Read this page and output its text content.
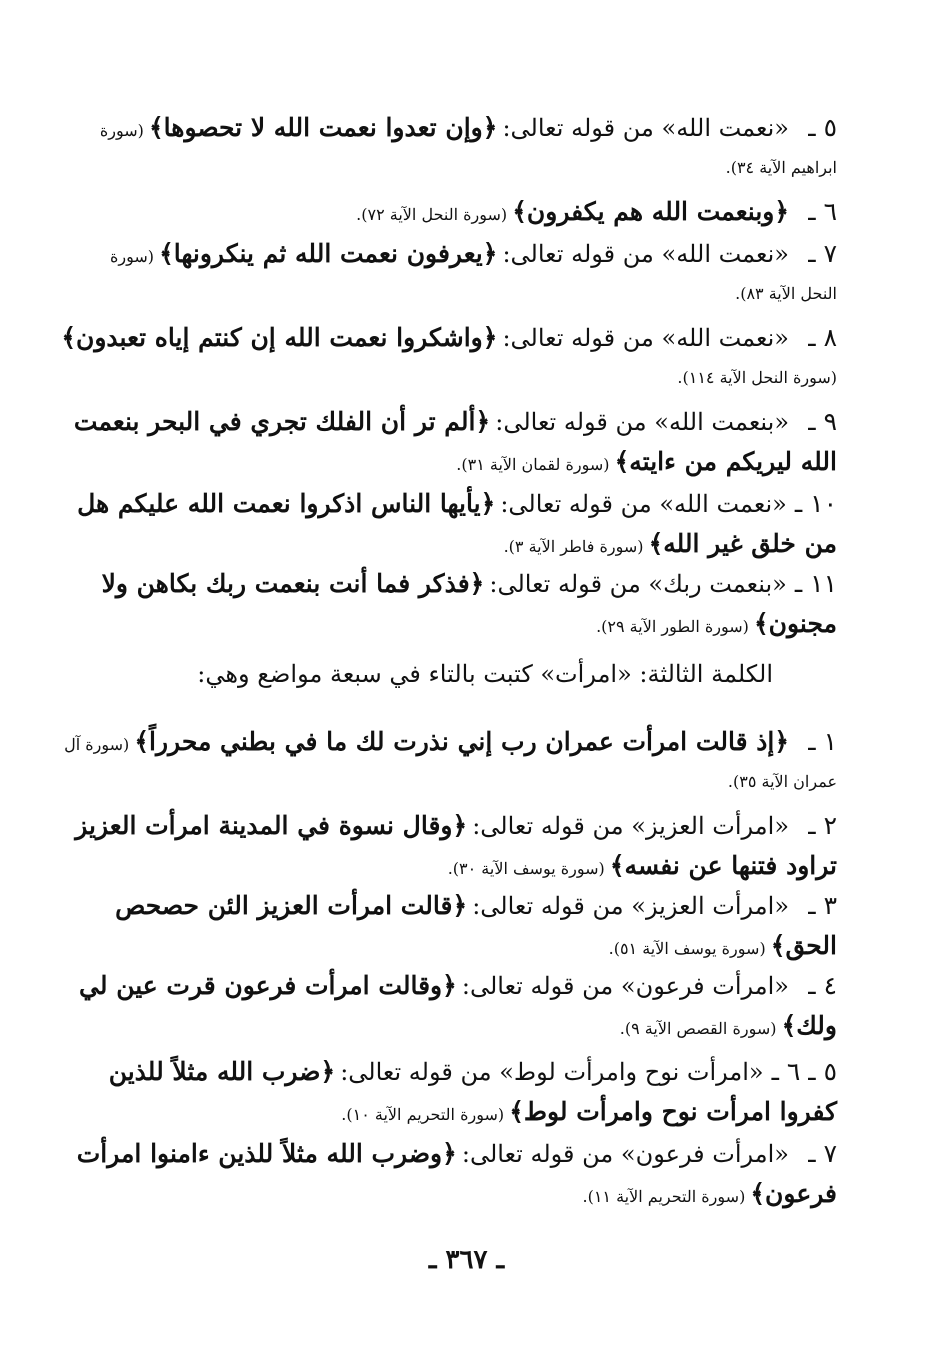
٥ ـ«نعمت الله» من قوله تعالى: ﴿وإن تعدوا نعمت الله لا تحصوها﴾ (سورة
ابراهيم الآية ٣٤).
٦ ـ﴿وبنعمت الله هم يكفرون﴾ (سورة النحل الآية ٧٢).
٧ ـ«نعمت الله» من قوله تعالى: ﴿يعرفون نعمت الله ثم ينكرونها﴾ (سورة
النحل الآية ٨٣).
٨ ـ«نعمت الله» من قوله تعالى: ﴿واشكروا نعمت الله إن كنتم إياه تعبدون﴾
(سورة النحل الآية ١١٤).
٩ ـ«بنعمت الله» من قوله تعالى: ﴿ألم تر أن الفلك تجري في البحر بنعمت
الله ليريكم من ءايته﴾ (سورة لقمان الآية ٣١).
١٠ ـ«نعمت الله» من قوله تعالى: ﴿يأيها الناس اذكروا نعمت الله عليكم هل
من خلق غير الله﴾ (سورة فاطر الآية ٣).
١١ ـ«بنعمت ربك» من قوله تعالى: ﴿فذكر فما أنت بنعمت ربك بكاهن ولا
مجنون﴾ (سورة الطور الآية ٢٩).
الكلمة الثالثة: «امرأت» كتبت بالتاء في سبعة مواضع وهي:
١ ـ﴿إذ قالت امرأت عمران رب إني نذرت لك ما في بطني محرراً﴾ (سورة آل
عمران الآية ٣٥).
٢ ـ«امرأت العزيز» من قوله تعالى: ﴿وقال نسوة في المدينة امرأت العزيز
تراود فتنها عن نفسه﴾ (سورة يوسف الآية ٣٠).
٣ ـ«امرأت العزيز» من قوله تعالى: ﴿قالت امرأت العزيز الئن حصحص
الحق﴾ (سورة يوسف الآية ٥١).
٤ ـ«امرأت فرعون» من قوله تعالى: ﴿وقالت امرأت فرعون قرت عين لي
ولك﴾ (سورة القصص الآية ٩).
٥ ـ ٦ ـ«امرأت نوح وامرأت لوط» من قوله تعالى: ﴿ضرب الله مثلاً للذين
كفروا امرأت نوح وامرأت لوط﴾ (سورة التحريم الآية ١٠).
٧ ـ«امرأت فرعون» من قوله تعالى: ﴿وضرب الله مثلاً للذين ءامنوا امرأت
فرعون﴾ (سورة التحريم الآية ١١).
ـ ٣٦٧ ـ
